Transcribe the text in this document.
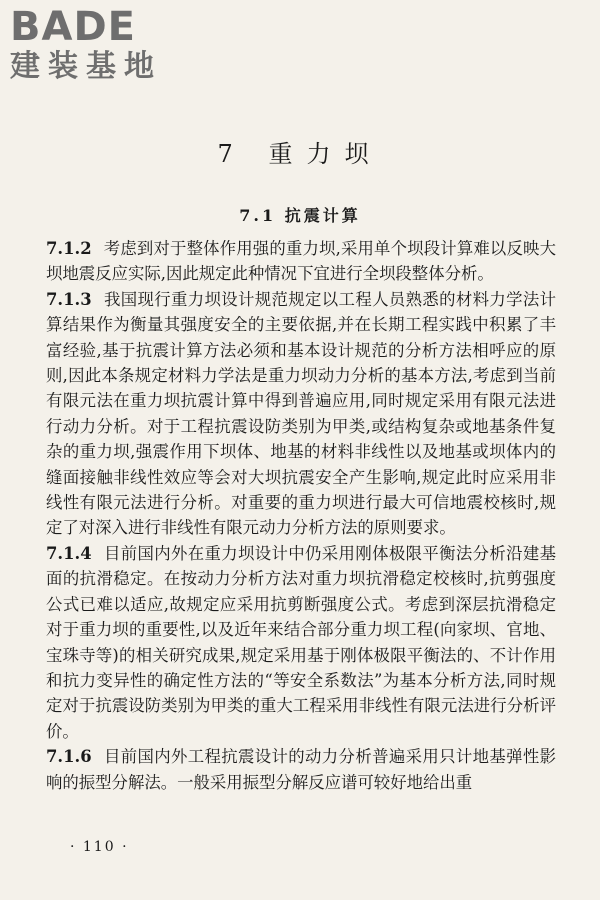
BADE
建装基地
7 重力坝
7.1 抗震计算

7.1.2 考虑到对于整体作用强的重力坝,采用单个坝段计算难以反映大坝地震反应实际,因此规定此种情况下宜进行全坝段整体分析。

7.1.3 我国现行重力坝设计规范规定以工程人员熟悉的材料力学法计算结果作为衡量其强度安全的主要依据,并在长期工程实践中积累了丰富经验,基于抗震计算方法必须和基本设计规范的分析方法相呼应的原则,因此本条规定材料力学法是重力坝动力分析的基本方法,考虑到当前有限元法在重力坝抗震计算中得到普遍应用,同时规定采用有限元法进行动力分析。对于工程抗震设防类别为甲类,或结构复杂或地基条件复杂的重力坝,强震作用下坝体、地基的材料非线性以及地基或坝体内的缝面接触非线性效应等会对大坝抗震安全产生影响,规定此时应采用非线性有限元法进行分析。对重要的重力坝进行最大可信地震校核时,规定了对深入进行非线性有限元动力分析方法的原则要求。

7.1.4 目前国内外在重力坝设计中仍采用刚体极限平衡法分析沿建基面的抗滑稳定。在按动力分析方法对重力坝抗滑稳定校核时,抗剪强度公式已难以适应,故规定应采用抗剪断强度公式。考虑到深层抗滑稳定对于重力坝的重要性,以及近年来结合部分重力坝工程(向家坝、官地、宝珠寺等)的相关研究成果,规定采用基于刚体极限平衡法的、不计作用和抗力变异性的确定性方法的“等安全系数法”为基本分析方法,同时规定对于抗震设防类别为甲类的重大工程采用非线性有限元法进行分析评价。

7.1.6 目前国内外工程抗震设计的动力分析普遍采用只计地基弹性影响的振型分解法。一般采用振型分解反应谱可较好地给出重

· 110 ·
